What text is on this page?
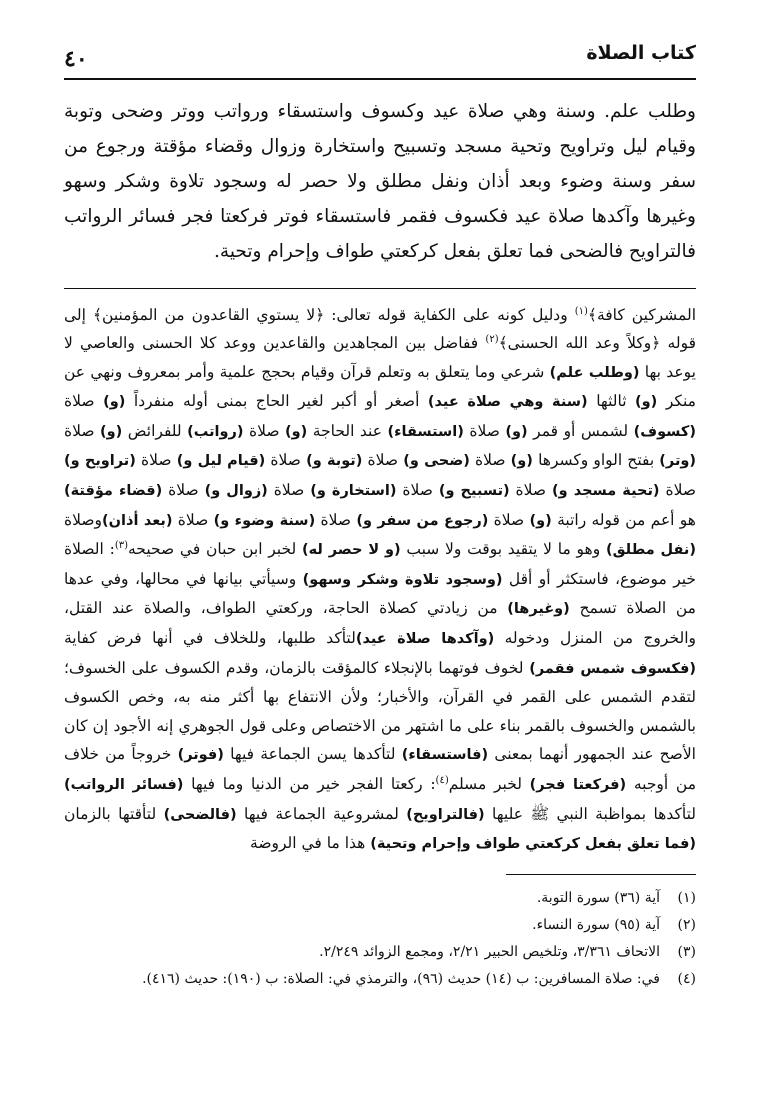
كتاب الصلاة
٤٠

وطلب علم. وسنة وهي صلاة عيد وكسوف واستسقاء ورواتب ووتر وضحى وتوبة وقيام ليل وتراويح وتحية مسجد وتسبيح واستخارة وزوال وقضاء مؤقتة ورجوع من سفر وسنة وضوء وبعد أذان ونفل مطلق ولا حصر له وسجود تلاوة وشكر وسهو وغيرها وآكدها صلاة عيد فكسوف فقمر فاستسقاء فوتر فركعتا فجر فسائر الرواتب فالتراويح فالضحى فما تعلق بفعل كركعتي طواف وإحرام وتحية.

المشركين كافة﴾$^{(١)}$ ودليل كونه على الكفاية قوله تعالى: ﴿لا يستوي القاعدون من المؤمنين﴾ إلى قوله ﴿وكلاً وعد الله الحسنى﴾$^{(٢)}$ ففاضل بين المجاهدين والقاعدين ووعد كلا الحسنى والعاصي لا يوعد بها (وطلب علم) شرعي وما يتعلق به وتعلم قرآن وقيام بحجج علمية وأمر بمعروف ونهي عن منكر (و) ثالثها (سنة وهي صلاة عيد) أصغر أو أكبر لغير الحاج بمنى أوله منفرداً (و) صلاة (كسوف) لشمس أو قمر (و) صلاة (استسقاء) عند الحاجة (و) صلاة (رواتب) للفرائض (و) صلاة (وتر) بفتح الواو وكسرها (و) صلاة (ضحى و) صلاة (توبة و) صلاة (قيام ليل و) صلاة (تراويح و) صلاة (تحية مسجد و) صلاة (تسبيح و) صلاة (استخارة و) صلاة (زوال و) صلاة (قضاء مؤقتة) هو أعم من قوله راتبة (و) صلاة (رجوع من سفر و) صلاة (سنة وضوء و) صلاة (بعد أذان)وصلاة (نفل مطلق) وهو ما لا يتقيد بوقت ولا سبب (و لا حصر له) لخبر ابن حبان في صحيحه$^{(٣)}$: الصلاة خير موضوع، فاستكثر أو أقل (وسجود تلاوة وشكر وسهو) وسيأتي بيانها في محالها، وفي عدها من الصلاة تسمح (وغيرها) من زيادتي كصلاة الحاجة، وركعتي الطواف، والصلاة عند القتل، والخروج من المنزل ودخوله (وآكدها صلاة عيد)لتأكد طلبها، وللخلاف في أنها فرض كفاية (فكسوف شمس فقمر) لخوف فوتهما بالإنجلاء كالمؤقت بالزمان، وقدم الكسوف على الخسوف؛ لتقدم الشمس على القمر في القرآن، والأخبار؛ ولأن الانتفاع بها أكثر منه به، وخص الكسوف بالشمس والخسوف بالقمر بناء على ما اشتهر من الاختصاص وعلى قول الجوهري إنه الأجود إن كان الأصح عند الجمهور أنهما بمعنى (فاستسقاء) لتأكدها يسن الجماعة فيها (فوتر) خروجاً من خلاف من أوجبه (فركعتا فجر) لخبر مسلم$^{(٤)}$: ركعتا الفجر خير من الدنيا وما فيها (فسائر الرواتب) لتأكدها بمواظبة النبي ﷺ عليها (فالتراويح) لمشروعية الجماعة فيها (فالضحى) لتأقتها بالزمان (فما تعلق بفعل كركعتي طواف وإحرام وتحية) هذا ما في الروضة

(١)
آية (٣٦) سورة التوبة.
(٢)
آية (٩٥) سورة النساء.
(٣)
الاتحاف ٣/٣٦١، وتلخيص الحبير ٢/٢١، ومجمع الزوائد ٢/٢٤٩.
(٤)
في: صلاة المسافرين: ب (١٤) حديث (٩٦)، والترمذي في: الصلاة: ب (١٩٠): حديث (٤١٦).
